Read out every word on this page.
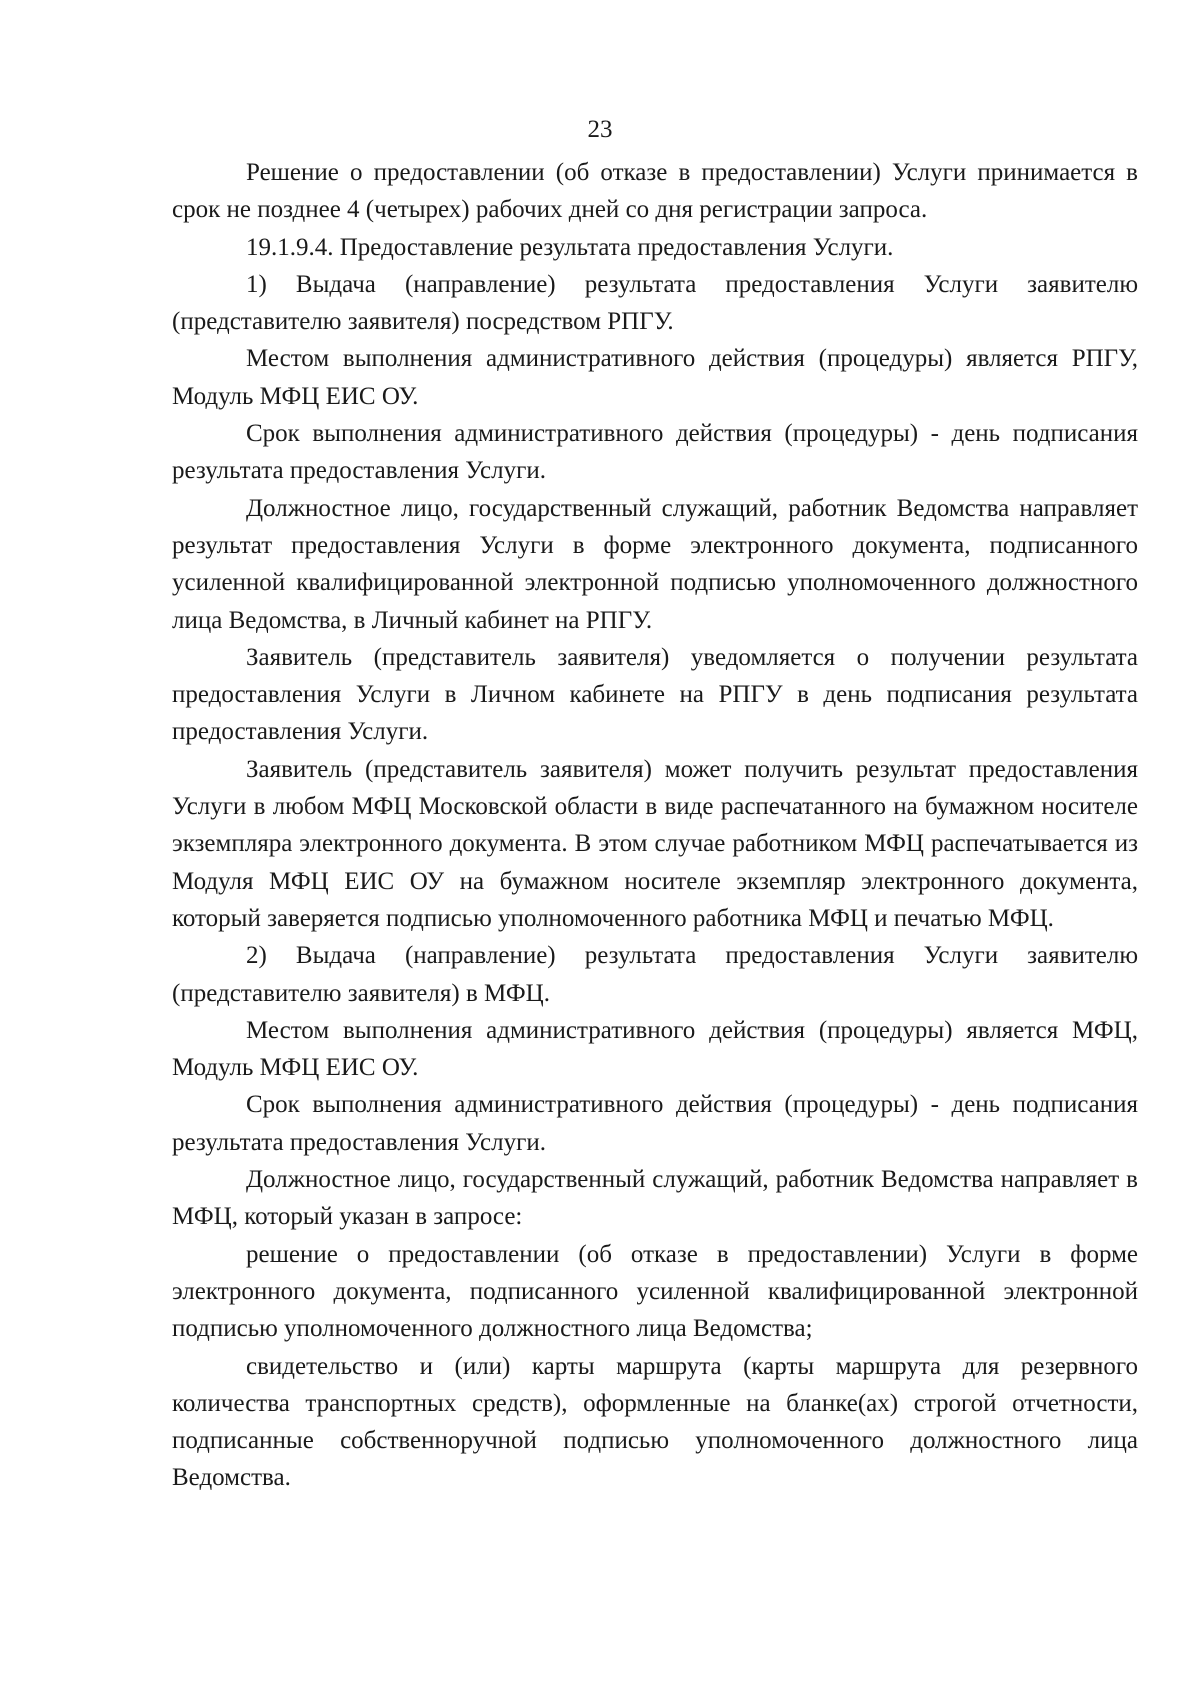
23

Решение о предоставлении (об отказе в предоставлении) Услуги принимается в срок не позднее 4 (четырех) рабочих дней со дня регистрации запроса.

19.1.9.4. Предоставление результата предоставления Услуги.

1) Выдача (направление) результата предоставления Услуги заявителю (представителю заявителя) посредством РПГУ.

Местом выполнения административного действия (процедуры) является РПГУ, Модуль МФЦ ЕИС ОУ.

Срок выполнения административного действия (процедуры) - день подписания результата предоставления Услуги.

Должностное лицо, государственный служащий, работник Ведомства направляет результат предоставления Услуги в форме электронного документа, подписанного усиленной квалифицированной электронной подписью уполномоченного должностного лица Ведомства, в Личный кабинет на РПГУ.

Заявитель (представитель заявителя) уведомляется о получении результата предоставления Услуги в Личном кабинете на РПГУ в день подписания результата предоставления Услуги.

Заявитель (представитель заявителя) может получить результат предоставления Услуги в любом МФЦ Московской области в виде распечатанного на бумажном носителе экземпляра электронного документа. В этом случае работником МФЦ распечатывается из Модуля МФЦ ЕИС ОУ на бумажном носителе экземпляр электронного документа, который заверяется подписью уполномоченного работника МФЦ и печатью МФЦ.

2) Выдача (направление) результата предоставления Услуги заявителю (представителю заявителя) в МФЦ.

Местом выполнения административного действия (процедуры) является МФЦ, Модуль МФЦ ЕИС ОУ.

Срок выполнения административного действия (процедуры) - день подписания результата предоставления Услуги.

Должностное лицо, государственный служащий, работник Ведомства направляет в МФЦ, который указан в запросе:

решение о предоставлении (об отказе в предоставлении) Услуги в форме электронного документа, подписанного усиленной квалифицированной электронной подписью уполномоченного должностного лица Ведомства;

свидетельство и (или) карты маршрута (карты маршрута для резервного количества транспортных средств), оформленные на бланке(ах) строгой отчетности, подписанные собственноручной подписью уполномоченного должностного лица Ведомства.
